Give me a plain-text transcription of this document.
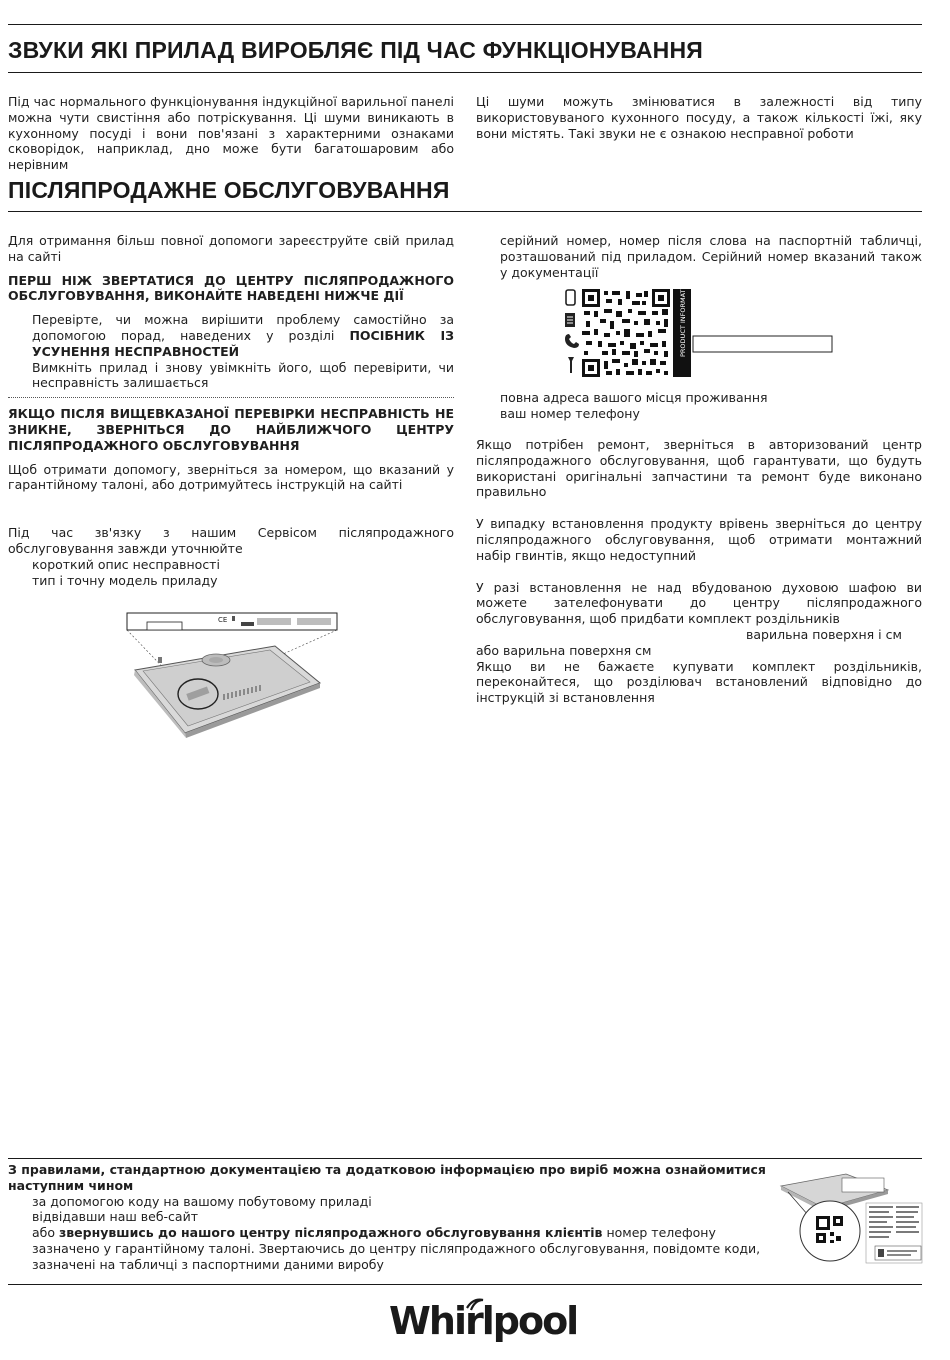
ЗВУКИ ЯКІ ПРИЛАД ВИРОБЛЯЄ ПІД ЧАС ФУНКЦІОНУВАННЯ

Під час нормального функціонування індукційної варильної панелі можна чути свистіння або потріскування. Ці шуми виникають в кухонному посуді і вони пов'язані з характерними ознаками сковорідок, наприклад, дно може бути багатошаровим або нерівним

Ці шуми можуть змінюватися в залежності від типу використовуваного кухонного посуду, а також кількості їжі, яку вони містять. Такі звуки не є ознакою несправної роботи

ПІСЛЯПРОДАЖНЕ ОБСЛУГОВУВАННЯ

Для отримання більш повної допомоги зареєструйте свій прилад на сайті

ПЕРШ НІЖ ЗВЕРТАТИСЯ ДО ЦЕНТРУ ПІСЛЯПРОДАЖНОГО ОБСЛУГОВУВАННЯ, ВИКОНАЙТЕ НАВЕДЕНІ НИЖЧЕ ДІЇ

Перевірте, чи можна вирішити проблему самостійно за допомогою порад, наведених у розділі ПОСІБНИК ІЗ УСУНЕННЯ НЕСПРАВНОСТЕЙ

Вимкніть прилад і знову увімкніть його, щоб перевірити, чи несправність залишається

ЯКЩО ПІСЛЯ ВИЩЕВКАЗАНОЇ ПЕРЕВІРКИ НЕСПРАВНІСТЬ НЕ ЗНИКНЕ, ЗВЕРНІТЬСЯ ДО НАЙБЛИЖЧОГО ЦЕНТРУ ПІСЛЯПРОДАЖНОГО ОБСЛУГОВУВАННЯ

Щоб отримати допомогу, зверніться за номером, що вказаний у гарантійному талоні, або дотримуйтесь інструкцій на сайті

Під час зв'язку з нашим Сервісом післяпродажного обслуговування завжди уточнюйте

короткий опис несправності

тип і точну модель приладу

CE

серійний номер, номер після слова на паспортній табличці, розташований під приладом. Серійний номер вказаний також у документації

PRODUCT INFORMATION

повна адреса вашого місця проживання

ваш номер телефону

Якщо потрібен ремонт, зверніться в авторизований центр післяпродажного обслуговування, щоб гарантувати, що будуть використані оригінальні запчастини та ремонт буде виконано правильно

У випадку встановлення продукту врівень зверніться до центру післяпродажного обслуговування, щоб отримати монтажний набір гвинтів, якщо недоступний

У разі встановлення не над вбудованою духовою шафою ви можете зателефонувати до центру післяпродажного обслуговування, щоб придбати комплект роздільників

варильна поверхня і см

або варильна поверхня см

Якщо ви не бажаєте купувати комплект роздільників, переконайтеся, що розділювач встановлений відповідно до інструкцій зі встановлення

З правилами, стандартною документацією та додатковою інформацією про виріб можна ознайомитися наступним чином

за допомогою коду на вашому побутовому приладі

відвідавши наш веб-сайт

або звернувшись до нашого центру післяпродажного обслуговування клієнтів номер телефону

зазначено у гарантійному талоні. Звертаючись до центру післяпродажного обслуговування, повідомте коди,

зазначені на табличці з паспортними даними виробу

Whirlpool
